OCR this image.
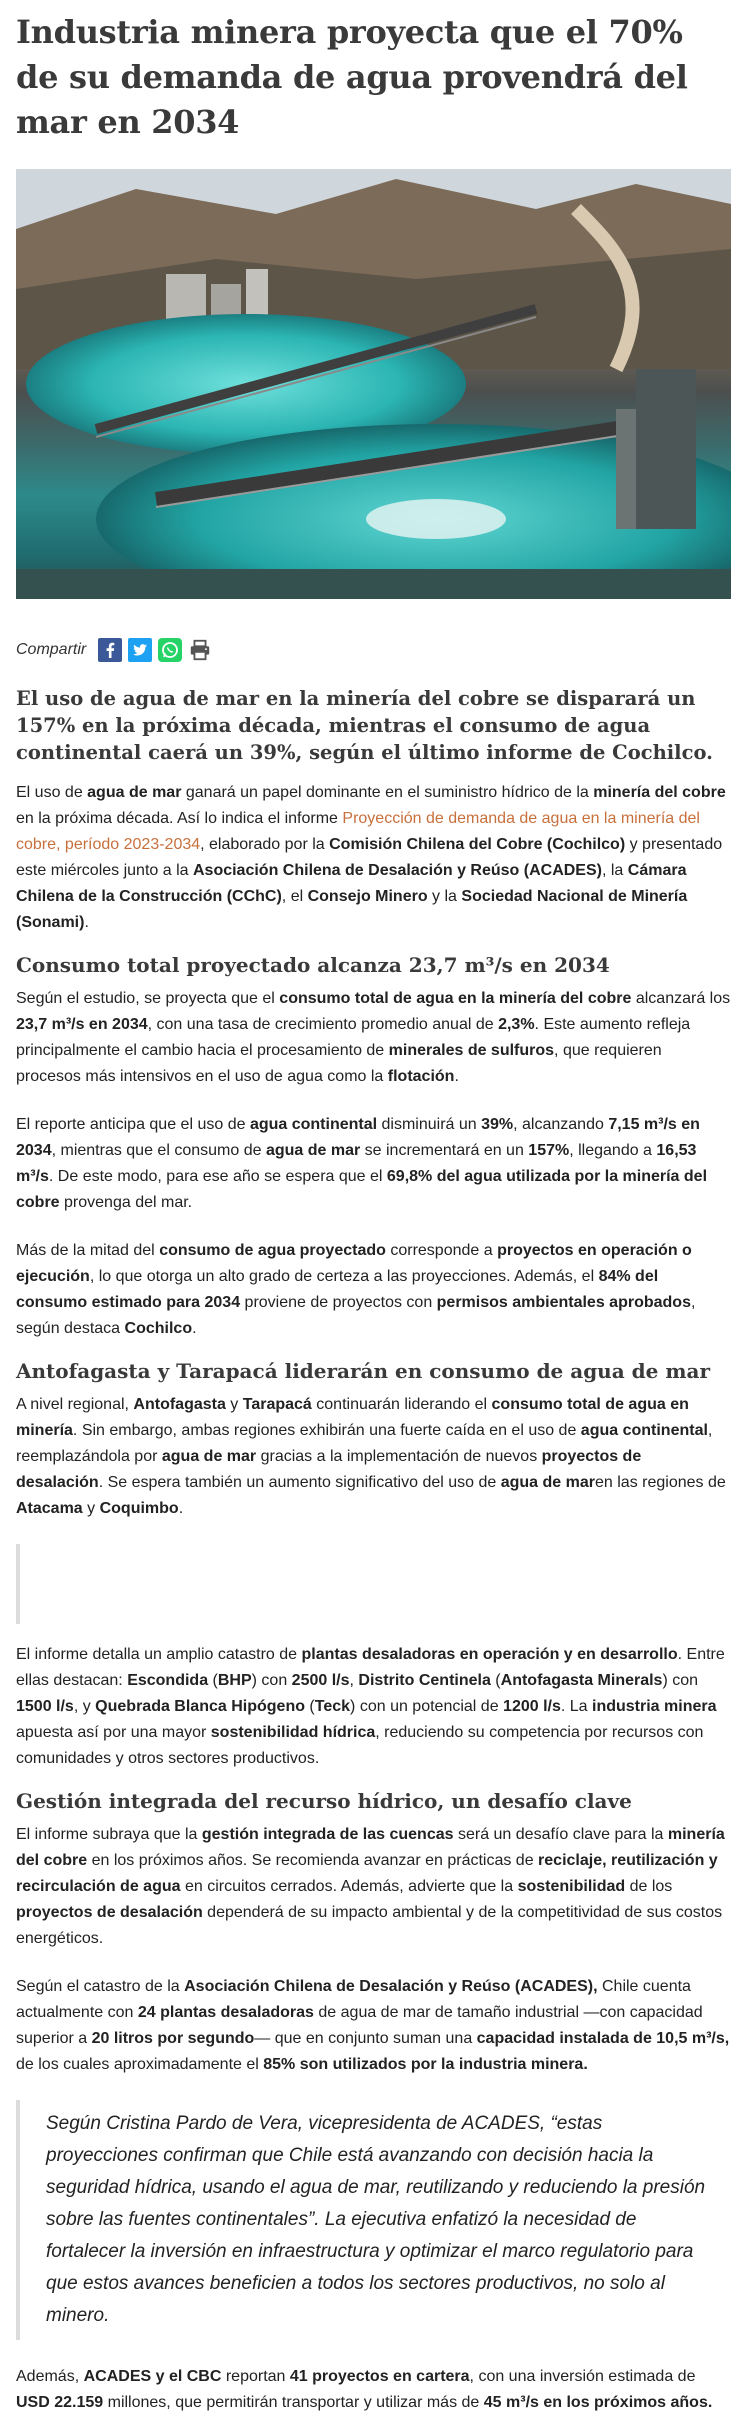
Industria minera proyecta que el 70% de su demanda de agua provendrá del mar en 2034
Compartir

El uso de agua de mar en la minería del cobre se disparará un 157% en la próxima década, mientras el consumo de agua continental caerá un 39%, según el último informe de Cochilco.

El uso de agua de mar ganará un papel dominante en el suministro hídrico de la minería del cobre en la próxima década. Así lo indica el informe Proyección de demanda de agua en la minería del cobre, período 2023-2034, elaborado por la Comisión Chilena del Cobre (Cochilco) y presentado este miércoles junto a la Asociación Chilena de Desalación y Reúso (ACADES), la Cámara Chilena de la Construcción (CChC), el Consejo Minero y la Sociedad Nacional de Minería (Sonami).

Consumo total proyectado alcanza 23,7 m³/s en 2034

Según el estudio, se proyecta que el consumo total de agua en la minería del cobre alcanzará los 23,7 m³/s en 2034, con una tasa de crecimiento promedio anual de 2,3%. Este aumento refleja principalmente el cambio hacia el procesamiento de minerales de sulfuros, que requieren procesos más intensivos en el uso de agua como la flotación.

El reporte anticipa que el uso de agua continental disminuirá un 39%, alcanzando 7,15 m³/s en 2034, mientras que el consumo de agua de mar se incrementará en un 157%, llegando a 16,53 m³/s. De este modo, para ese año se espera que el 69,8% del agua utilizada por la minería del cobre provenga del mar.

Más de la mitad del consumo de agua proyectado corresponde a proyectos en operación o ejecución, lo que otorga un alto grado de certeza a las proyecciones. Además, el 84% del consumo estimado para 2034 proviene de proyectos con permisos ambientales aprobados, según destaca Cochilco.

Antofagasta y Tarapacá liderarán en consumo de agua de mar

A nivel regional, Antofagasta y Tarapacá continuarán liderando el consumo total de agua en minería. Sin embargo, ambas regiones exhibirán una fuerte caída en el uso de agua continental, reemplazándola por agua de mar gracias a la implementación de nuevos proyectos de desalación. Se espera también un aumento significativo del uso de agua de maren las regiones de Atacama y Coquimbo.

El informe detalla un amplio catastro de plantas desaladoras en operación y en desarrollo. Entre ellas destacan: Escondida (BHP) con 2500 l/s, Distrito Centinela (Antofagasta Minerals) con 1500 l/s, y Quebrada Blanca Hipógeno (Teck) con un potencial de 1200 l/s. La industria minera apuesta así por una mayor sostenibilidad hídrica, reduciendo su competencia por recursos con comunidades y otros sectores productivos.

Gestión integrada del recurso hídrico, un desafío clave

El informe subraya que la gestión integrada de las cuencas será un desafío clave para la minería del cobre en los próximos años. Se recomienda avanzar en prácticas de reciclaje, reutilización y recirculación de agua en circuitos cerrados. Además, advierte que la sostenibilidad de los proyectos de desalación dependerá de su impacto ambiental y de la competitividad de sus costos energéticos.

Según el catastro de la Asociación Chilena de Desalación y Reúso (ACADES), Chile cuenta actualmente con 24 plantas desaladoras de agua de mar de tamaño industrial —con capacidad superior a 20 litros por segundo— que en conjunto suman una capacidad instalada de 10,5 m³/s, de los cuales aproximadamente el 85% son utilizados por la industria minera.

Según Cristina Pardo de Vera, vicepresidenta de ACADES, “estas proyecciones confirman que Chile está avanzando con decisión hacia la seguridad hídrica, usando el agua de mar, reutilizando y reduciendo la presión sobre las fuentes continentales”. La ejecutiva enfatizó la necesidad de fortalecer la inversión en infraestructura y optimizar el marco regulatorio para que estos avances beneficien a todos los sectores productivos, no solo al minero.

Además, ACADES y el CBC reportan 41 proyectos en cartera, con una inversión estimada de USD 22.159 millones, que permitirán transportar y utilizar más de 45 m³/s en los próximos años.
